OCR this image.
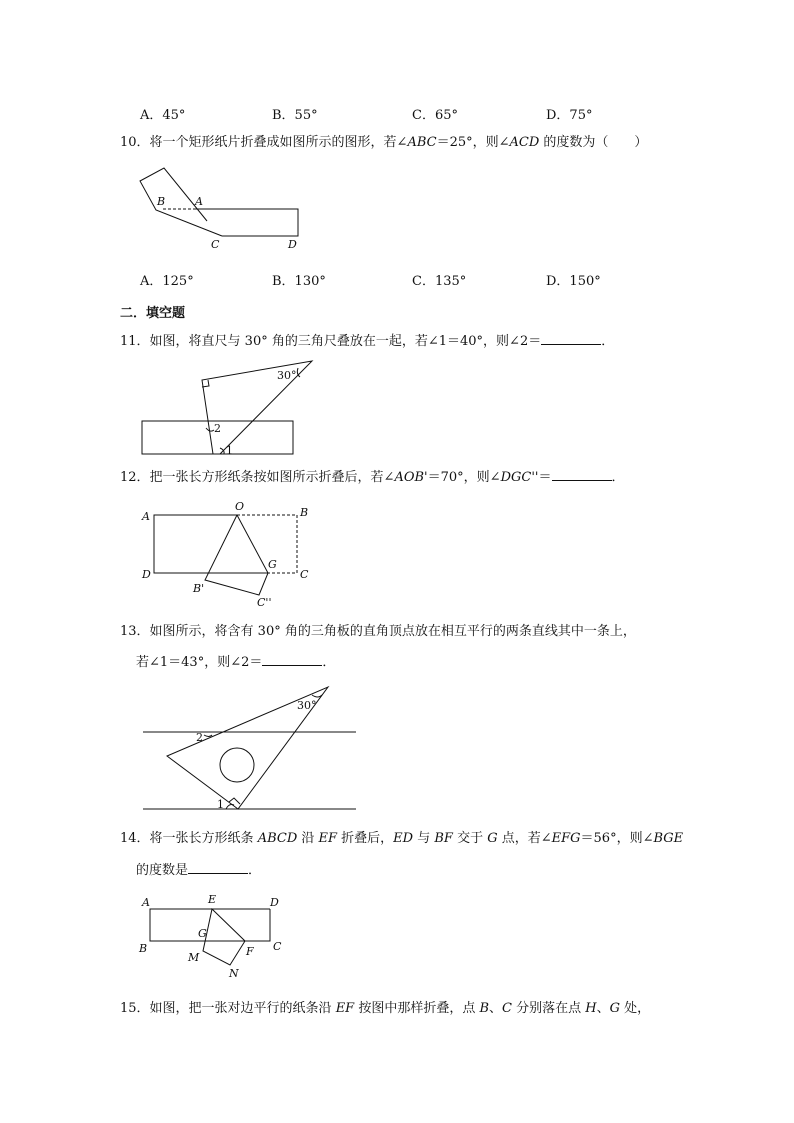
A．45°	B．55°	C．65°	D．75°
10．将一个矩形纸片折叠成如图所示的图形，若∠ABC＝25°，则∠ACD 的度数为（　　）
B	A
C	D
A．125°	B．130°	C．135°	D．150°
二．填空题
11．如图，将直尺与 30° 角的三角尺叠放在一起，若∠1＝40°，则∠2＝	．
30°
2
1
12．把一张长方形纸条按如图所示折叠后，若∠AOB'＝70°，则∠DGC''＝	．
A
O	B
D
G
C
B'
C''
13．如图所示，将含有 30° 角的三角板的直角顶点放在相互平行的两条直线其中一条上，
若∠1＝43°，则∠2＝	．
30°
2
1
14．将一张长方形纸条 ABCD 沿 EF 折叠后，ED 与 BF 交于 G 点，若∠EFG＝56°，则∠BGE
的度数是	．
A	E	D
G
B	C
M	F
N
15．如图，把一张对边平行的纸条沿 EF 按图中那样折叠，点 B、C 分别落在点 H、G 处，
